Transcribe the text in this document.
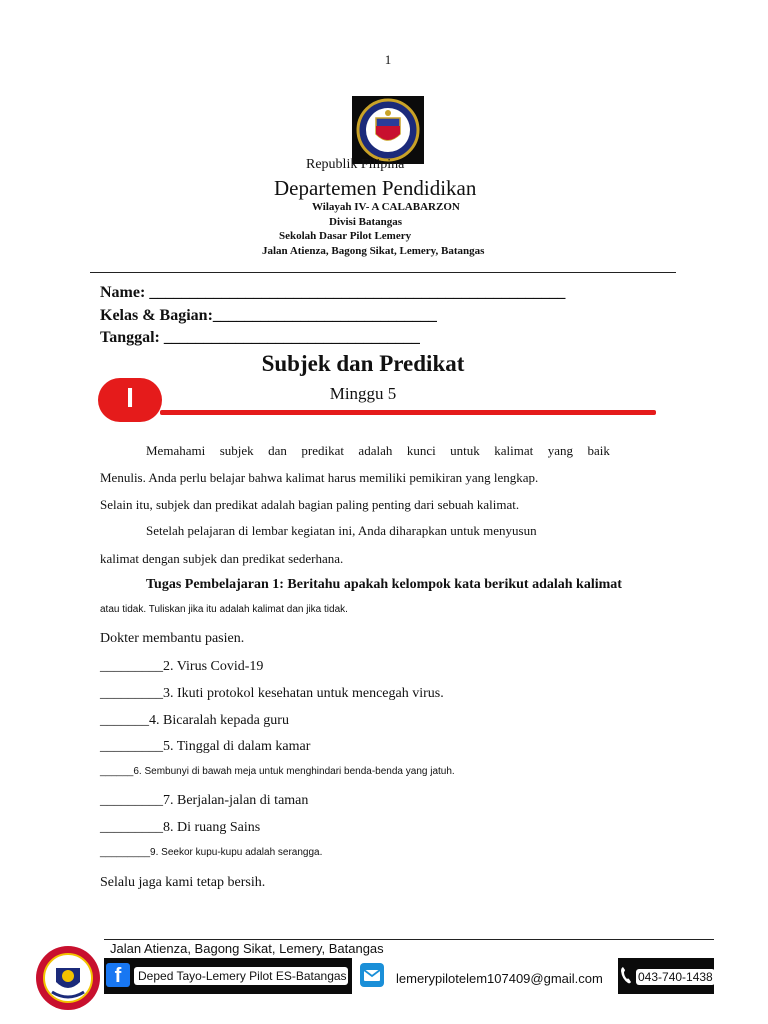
1
Republik Filipina
Departemen Pendidikan
Wilayah IV- A CALABARZON
Divisi Batangas
Sekolah Dasar Pilot Lemery
Jalan Atienza, Bagong Sikat, Lemery, Batangas
Name: ____________________________________________________
Kelas & Bagian:____________________________
Tanggal: ________________________________
Subjek dan Predikat
I	Minggu 5
Memahami subjek dan predikat adalah kunci untuk kalimat yang baik
Menulis. Anda perlu belajar bahwa kalimat harus memiliki pemikiran yang lengkap.
Selain itu, subjek dan predikat adalah bagian paling penting dari sebuah kalimat.
Setelah pelajaran di lembar kegiatan ini, Anda diharapkan untuk menyusun
kalimat dengan subjek dan predikat sederhana.
Tugas Pembelajaran 1: Beritahu apakah kelompok kata berikut adalah kalimat
atau tidak. Tuliskan jika itu adalah kalimat dan jika tidak.
Dokter membantu pasien.
_________2. Virus Covid-19
_________3. Ikuti protokol kesehatan untuk mencegah virus.
_______4. Bicaralah kepada guru
_________5. Tinggal di dalam kamar
______6. Sembunyi di bawah meja untuk menghindari benda-benda yang jatuh.
_________7. Berjalan-jalan di taman
_________8. Di ruang Sains
_________9. Seekor kupu-kupu adalah serangga.
Selalu jaga kami tetap bersih.
Jalan Atienza, Bagong Sikat, Lemery, Batangas
f	Deped Tayo-Lemery Pilot ES-Batangas	lemerypilotelem107409@gmail.com	043-740-1438
